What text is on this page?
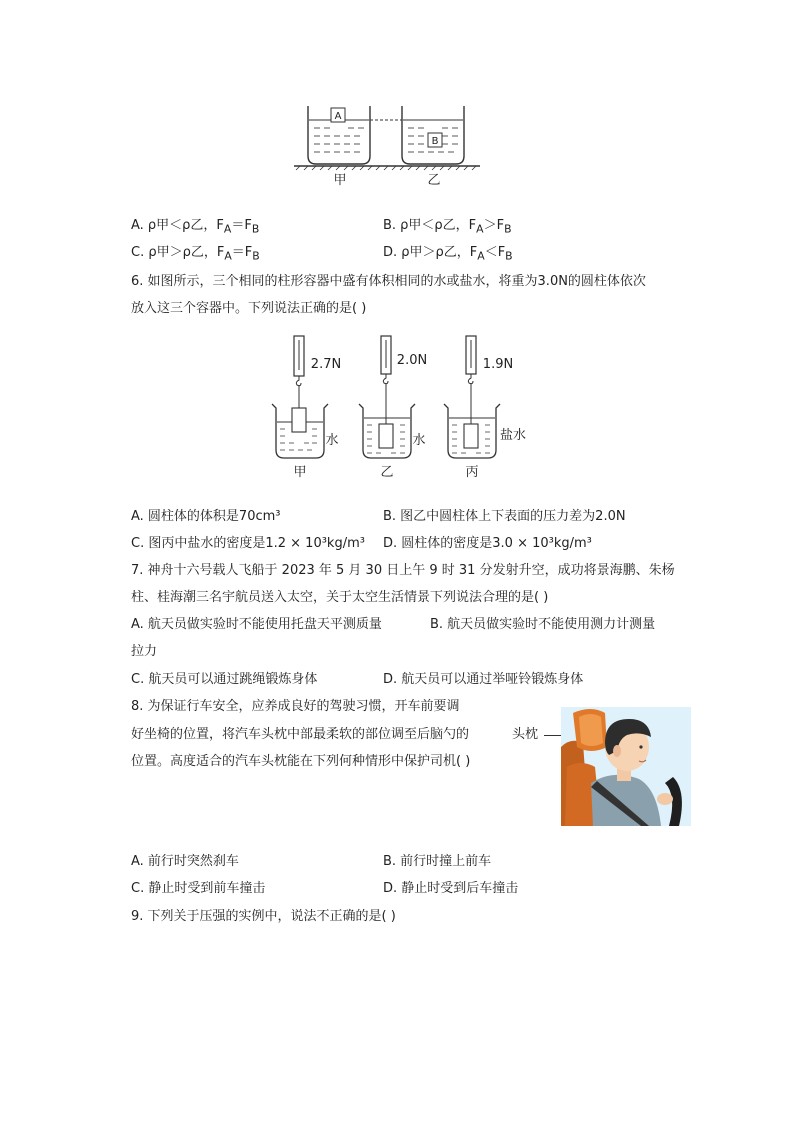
A
B
甲	乙
A. ρ甲＜ρ乙，$F_A=F_B$	B. ρ甲＜ρ乙，$F_A>F_B$
C. ρ甲＞ρ乙，$F_A=F_B$	D. ρ甲＞ρ乙，$F_A<F_B$
6. 如图所示，三个相同的柱形容器中盛有体积相同的水或盐水，将重为3.0N的圆柱体依次
放入这三个容器中。下列说法正确的是( )
2.7N	2.0N	1.9N
水	水	盐水
甲	乙	丙
A. 圆柱体的体积是70cm³	B. 图乙中圆柱体上下表面的压力差为2.0N
C. 图丙中盐水的密度是1.2 × 10³kg/m³ D. 圆柱体的密度是3.0 × 10³kg/m³
7. 神舟十六号载人飞船于 2023 年 5 月 30 日上午 9 时 31 分发射升空，成功将景海鹏、朱杨
柱、桂海潮三名宇航员送入太空，关于太空生活情景下列说法合理的是( )
A. 航天员做实验时不能使用托盘天平测质量	B. 航天员做实验时不能使用测力计测量
拉力
C. 航天员可以通过跳绳锻炼身体	D. 航天员可以通过举哑铃锻炼身体
8. 为保证行车安全，应养成良好的驾驶习惯，开车前要调
好坐椅的位置，将汽车头枕中部最柔软的部位调至后脑勺的
位置。高度适合的汽车头枕能在下列何种情形中保护司机( )
头枕
A. 前行时突然刹车	B. 前行时撞上前车
C. 静止时受到前车撞击	D. 静止时受到后车撞击
9. 下列关于压强的实例中，说法不正确的是( )
